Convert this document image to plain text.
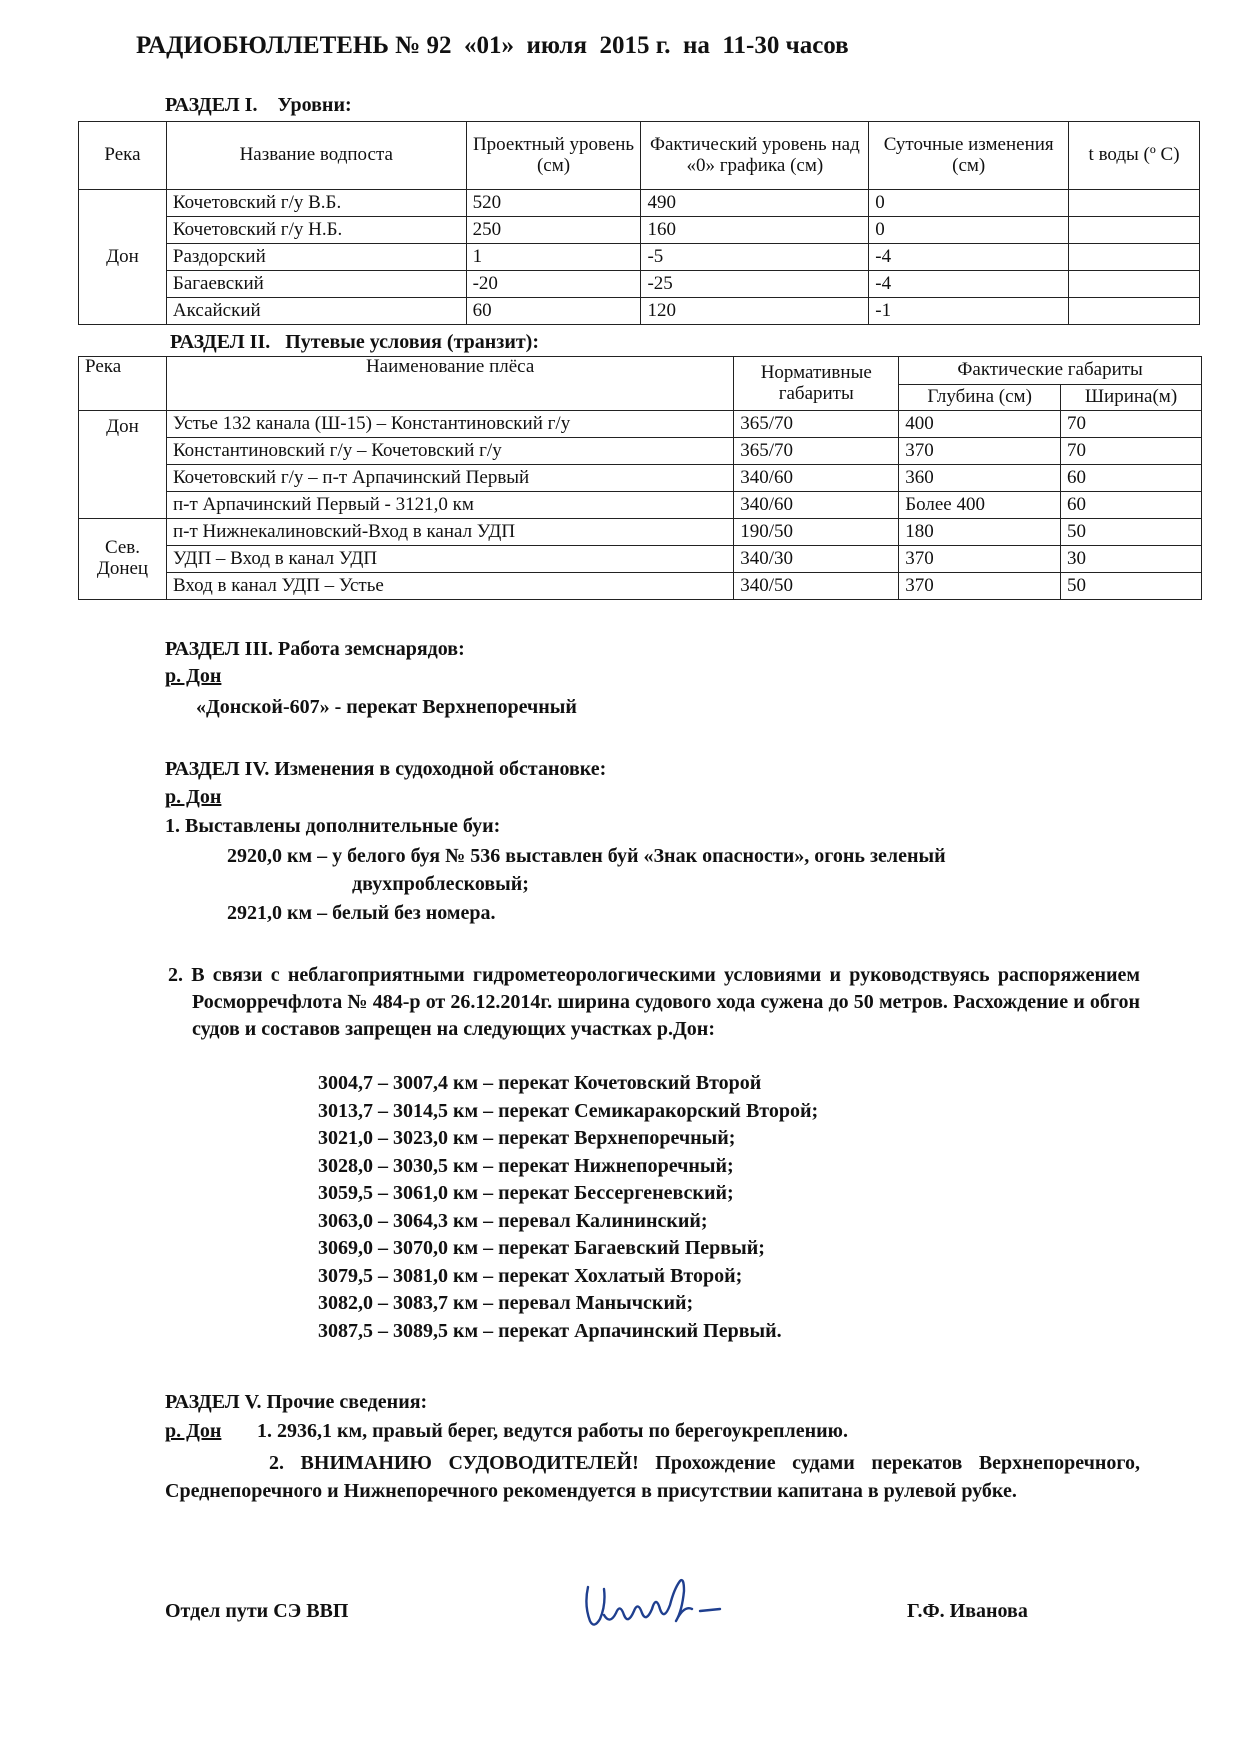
РАДИОБЮЛЛЕТЕНЬ № 92  «01»  июля  2015 г.  на  11-30 часов
РАЗДЕЛ I.    Уровни:
Река	Название водпоста	Проектный уровень (см)	Фактический уровень над «0» графика (см)	Суточные изменения (см)	t воды (º С)
Дон	Кочетовский г/у В.Б.	520	490	0	
	Кочетовский г/у Н.Б.	250	160	0	
	Раздорский	1	-5	-4	
	Багаевский	-20	-25	-4	
	Аксайский	60	120	-1	
РАЗДЕЛ II.   Путевые условия (транзит):
Река	Наименование плёса	Нормативные габариты	Фактические габариты	
			Глубина (см)	Ширина(м)
Дон	Устье 132 канала (Ш-15) – Константиновский г/у	365/70	400	70
	Константиновский г/у – Кочетовский г/у	365/70	370	70
	Кочетовский г/у – п-т Арпачинский Первый	340/60	360	60
	п-т Арпачинский Первый - 3121,0 км	340/60	Более 400	60
Сев. Донец	п-т Нижнекалиновский-Вход в канал УДП	190/50	180	50
	УДП – Вход в канал УДП	340/30	370	30
	Вход в канал УДП – Устье	340/50	370	50
РАЗДЕЛ III. Работа земснарядов:
р. Дон
«Донской-607» - перекат Верхнепоречный
РАЗДЕЛ IV. Изменения в судоходной обстановке:
р. Дон
1. Выставлены дополнительные буи:
2920,0 км – у белого буя № 536 выставлен буй «Знак опасности», огонь зеленый
двухпроблесковый;
2921,0 км – белый без номера.
2. В связи с неблагоприятными гидрометеорологическими условиями и руководствуясь распоряжением Росморречфлота № 484-р от 26.12.2014г. ширина судового хода сужена до 50 метров. Расхождение и обгон судов и составов запрещен на следующих участках р.Дон:
3004,7 – 3007,4 км – перекат Кочетовский Второй
3013,7 – 3014,5 км – перекат Семикаракорский Второй;
3021,0 – 3023,0 км – перекат Верхнепоречный;
3028,0 – 3030,5 км – перекат Нижнепоречный;
3059,5 – 3061,0 км – перекат Бессергеневский;
3063,0 – 3064,3 км – перевал Калининский;
3069,0 – 3070,0 км – перекат Багаевский Первый;
3079,5 – 3081,0 км – перекат Хохлатый Второй;
3082,0 – 3083,7 км – перевал Манычский;
3087,5 – 3089,5 км – перекат Арпачинский Первый.
РАЗДЕЛ V. Прочие сведения:
р. Дон 1. 2936,1 км, правый берег, ведутся работы по берегоукреплению.
2. ВНИМАНИЮ СУДОВОДИТЕЛЕЙ! Прохождение судами перекатов Верхнепоречного, Среднепоречного и Нижнепоречного рекомендуется в присутствии капитана в рулевой рубке.
Отдел пути СЭ ВВП	Г.Ф. Иванова
